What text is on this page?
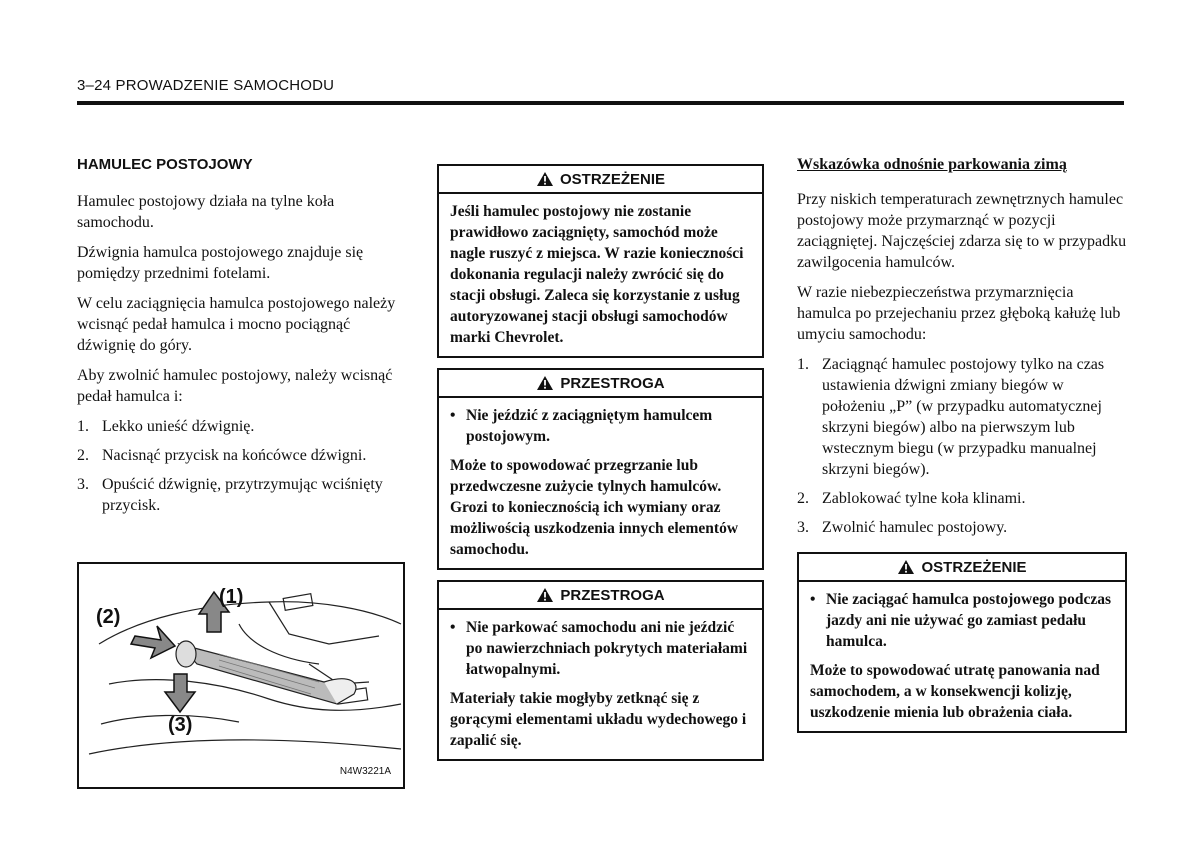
3–24 PROWADZENIE SAMOCHODU
HAMULEC POSTOJOWY

Hamulec postojowy działa na tylne koła samochodu.

Dźwignia hamulca postojowego znajduje się pomiędzy przednimi fotelami.

W celu zaciągnięcia hamulca postojowego należy wcisnąć pedał hamulca i mocno pociągnąć dźwignię do góry.

Aby zwolnić hamulec postojowy, należy wcisnąć pedał hamulca i:

1. Lekko unieść dźwignię.
2. Nacisnąć przycisk na końcówce dźwigni.
3. Opuścić dźwignię, przytrzymując wciśnięty przycisk.
(1)
(2)
(3)
N4W3221A
OSTRZEŻENIE

Jeśli hamulec postojowy nie zostanie prawidłowo zaciągnięty, samochód może nagle ruszyć z miejsca. W razie konieczności dokonania regulacji należy zwrócić się do stacji obsługi. Zaleca się korzystanie z usług autoryzowanej stacji obsługi samochodów marki Chevrolet.

PRZESTROGA

• Nie jeździć z zaciągniętym hamulcem postojowym.

Może to spowodować przegrzanie lub przedwczesne zużycie tylnych hamulców. Grozi to koniecznością ich wymiany oraz możliwością uszkodzenia innych elementów samochodu.

PRZESTROGA

• Nie parkować samochodu ani nie jeździć po nawierzchniach pokrytych materiałami łatwopalnymi.

Materiały takie mogłyby zetknąć się z gorącymi elementami układu wydechowego i zapalić się.

Wskazówka odnośnie parkowania zimą

Przy niskich temperaturach zewnętrznych hamulec postojowy może przymarznąć w pozycji zaciągniętej. Najczęściej zdarza się to w przypadku zawilgocenia hamulców.

W razie niebezpieczeństwa przymarznięcia hamulca po przejechaniu przez głęboką kałużę lub umyciu samochodu:

1. Zaciągnąć hamulec postojowy tylko na czas ustawienia dźwigni zmiany biegów w położeniu „P” (w przypadku automatycznej skrzyni biegów) albo na pierwszym lub wstecznym biegu (w przypadku manualnej skrzyni biegów).
2. Zablokować tylne koła klinami.
3. Zwolnić hamulec postojowy.
OSTRZEŻENIE

• Nie zaciągać hamulca postojowego podczas jazdy ani nie używać go zamiast pedału hamulca.

Może to spowodować utratę panowania nad samochodem, a w konsekwencji kolizję, uszkodzenie mienia lub obrażenia ciała.
